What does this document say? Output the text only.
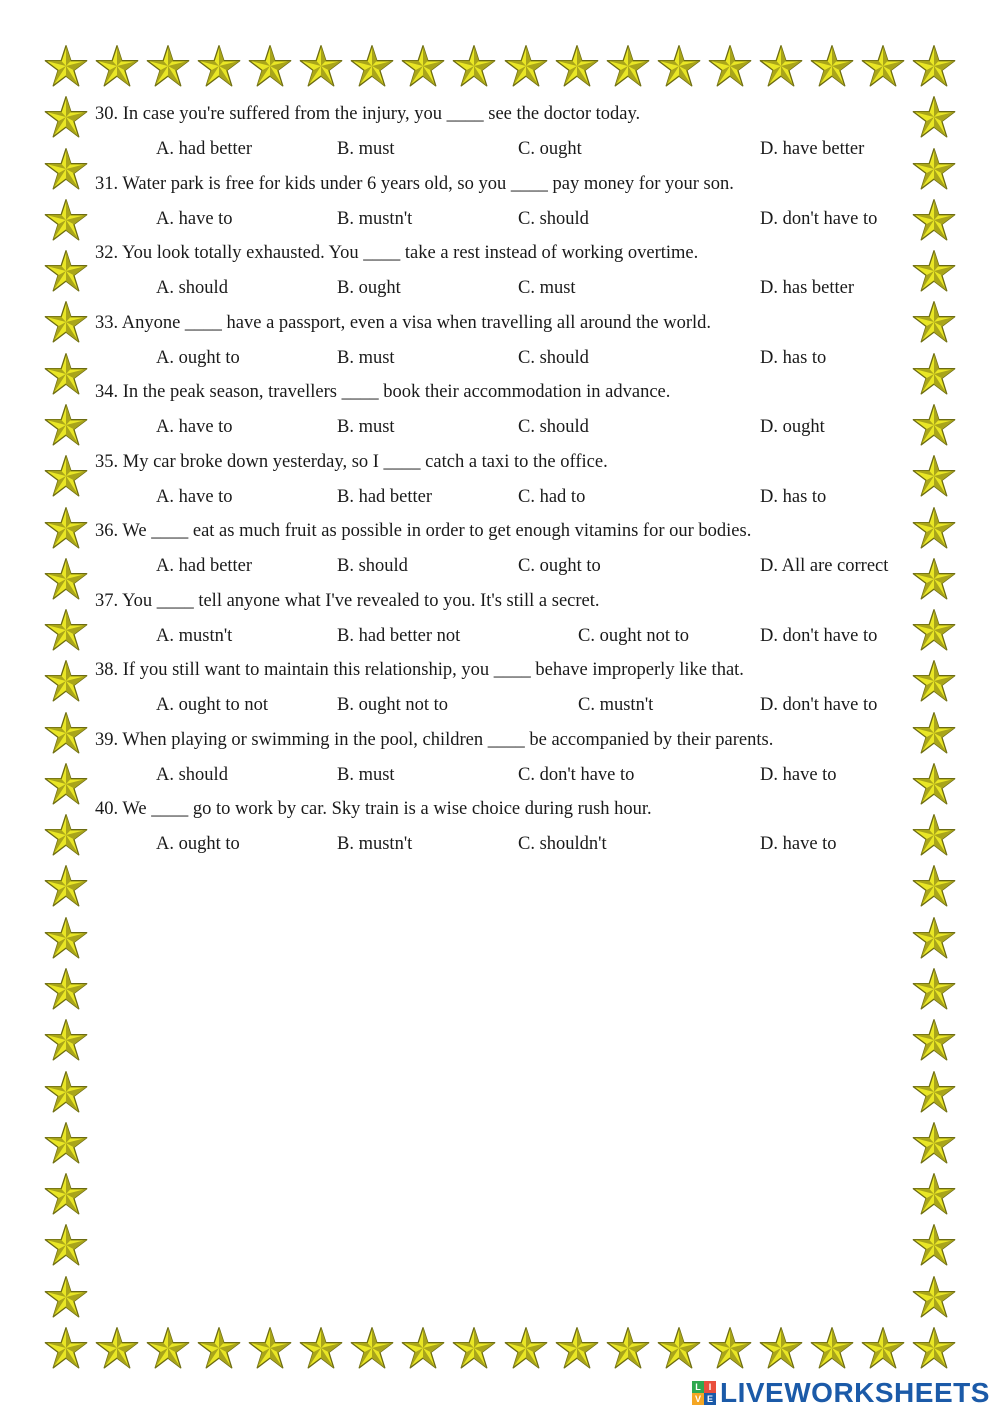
30. In case you're suffered from the injury, you ____ see the doctor today.
A. had better	B. must	C. ought	D. have better
31. Water park is free for kids under 6 years old, so you ____ pay money for your son.
A. have to	B. mustn't	C. should	D. don't have to
32. You look totally exhausted. You ____ take a rest instead of working overtime.
A. should	B. ought	C. must	D. has better
33. Anyone ____ have a passport, even a visa when travelling all around the world.
A. ought to	B. must	C. should	D. has to
34. In the peak season, travellers ____ book their accommodation in advance.
A. have to	B. must	C. should	D. ought
35. My car broke down yesterday, so I ____ catch a taxi to the office.
A. have to	B. had better	C. had to	D. has to
36. We ____ eat as much fruit as possible in order to get enough vitamins for our bodies.
A. had better	B. should	C. ought to	D. All are correct
37. You ____ tell anyone what I've revealed to you. It's still a secret.
A. mustn't	B. had better not	C. ought not to	D. don't have to
38. If you still want to maintain this relationship, you ____ behave improperly like that.
A. ought to not	B. ought not to	C. mustn't	D. don't have to
39. When playing or swimming in the pool, children ____ be accompanied by their parents.
A. should	B. must	C. don't have to	D. have to
40. We ____ go to work by car. Sky train is a wise choice during rush hour.
A. ought to	B. mustn't	C. shouldn't	D. have to
L I
V E LIVEWORKSHEETS
